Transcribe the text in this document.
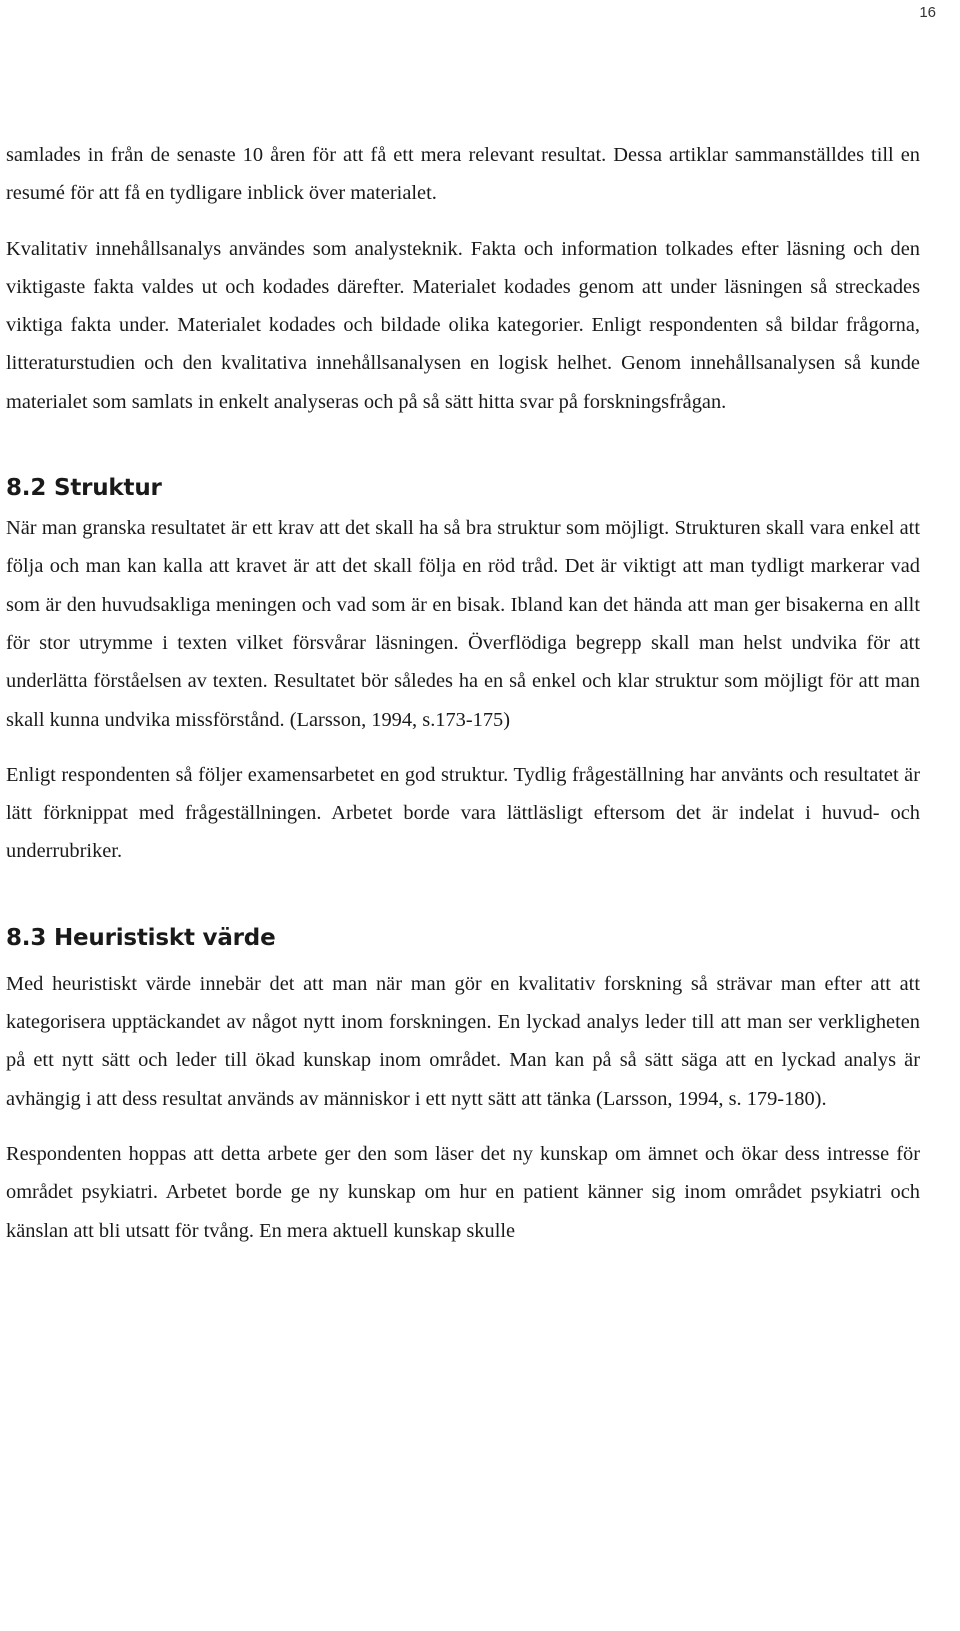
16

samlades in från de senaste 10 åren för att få ett mera relevant resultat. Dessa artiklar sammanställdes till en resumé för att få en tydligare inblick över materialet.

Kvalitativ innehållsanalys användes som analysteknik. Fakta och information tolkades efter läsning och den viktigaste fakta valdes ut och kodades därefter. Materialet kodades genom att under läsningen så streckades viktiga fakta under. Materialet kodades och bildade olika kategorier. Enligt respondenten så bildar frågorna, litteraturstudien och den kvalitativa innehållsanalysen en logisk helhet. Genom innehållsanalysen så kunde materialet som samlats in enkelt analyseras och på så sätt hitta svar på forskningsfrågan.

8.2 Struktur

När man granska resultatet är ett krav att det skall ha så bra struktur som möjligt. Strukturen skall vara enkel att följa och man kan kalla att kravet är att det skall följa en röd tråd. Det är viktigt att man tydligt markerar vad som är den huvudsakliga meningen och vad som är en bisak. Ibland kan det hända att man ger bisakerna en allt för stor utrymme i texten vilket försvårar läsningen. Överflödiga begrepp skall man helst undvika för att underlätta förståelsen av texten. Resultatet bör således ha en så enkel och klar struktur som möjligt för att man skall kunna undvika missförstånd. (Larsson, 1994, s.173-175)

Enligt respondenten så följer examensarbetet en god struktur. Tydlig frågeställning har använts och resultatet är lätt förknippat med frågeställningen. Arbetet borde vara lättläsligt eftersom det är indelat i huvud- och underrubriker.

8.3 Heuristiskt värde

Med heuristiskt värde innebär det att man när man gör en kvalitativ forskning så strävar man efter att att kategorisera upptäckandet av något nytt inom forskningen. En lyckad analys leder till att man ser verkligheten på ett nytt sätt och leder till ökad kunskap inom området. Man kan på så sätt säga att en lyckad analys är avhängig i att dess resultat används av människor i ett nytt sätt att tänka (Larsson, 1994, s. 179-180).

Respondenten hoppas att detta arbete ger den som läser det ny kunskap om ämnet och ökar dess intresse för området psykiatri. Arbetet borde ge ny kunskap om hur en patient känner sig inom området psykiatri och känslan att bli utsatt för tvång. En mera aktuell kunskap skulle
